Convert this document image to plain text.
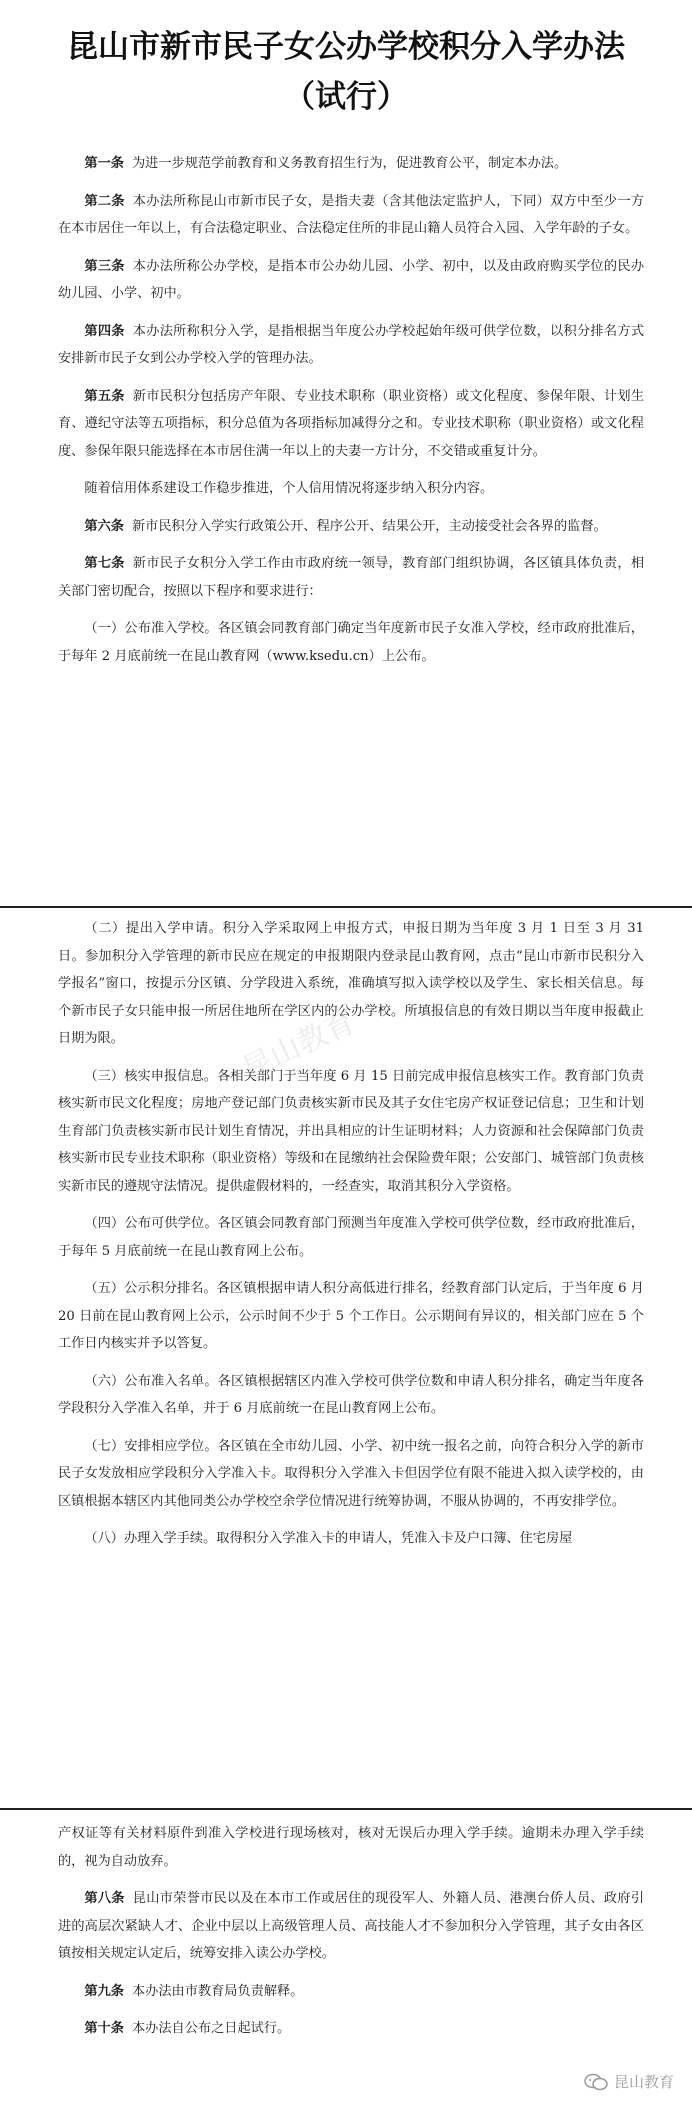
昆山市新市民子女公办学校积分入学办法（试行）

第一条 为进一步规范学前教育和义务教育招生行为，促进教育公平，制定本办法。

第二条 本办法所称昆山市新市民子女，是指夫妻（含其他法定监护人，下同）双方中至少一方在本市居住一年以上，有合法稳定职业、合法稳定住所的非昆山籍人员符合入园、入学年龄的子女。

第三条 本办法所称公办学校，是指本市公办幼儿园、小学、初中，以及由政府购买学位的民办幼儿园、小学、初中。

第四条 本办法所称积分入学，是指根据当年度公办学校起始年级可供学位数，以积分排名方式安排新市民子女到公办学校入学的管理办法。

第五条 新市民积分包括房产年限、专业技术职称（职业资格）或文化程度、参保年限、计划生育、遵纪守法等五项指标，积分总值为各项指标加减得分之和。专业技术职称（职业资格）或文化程度、参保年限只能选择在本市居住满一年以上的夫妻一方计分，不交错或重复计分。

随着信用体系建设工作稳步推进，个人信用情况将逐步纳入积分内容。

第六条 新市民积分入学实行政策公开、程序公开、结果公开，主动接受社会各界的监督。

第七条 新市民子女积分入学工作由市政府统一领导，教育部门组织协调，各区镇具体负责，相关部门密切配合，按照以下程序和要求进行：

（一）公布准入学校。各区镇会同教育部门确定当年度新市民子女准入学校，经市政府批准后，于每年 2 月底前统一在昆山教育网（www.ksedu.cn）上公布。

（二）提出入学申请。积分入学采取网上申报方式，申报日期为当年度 3 月 1 日至 3 月 31 日。参加积分入学管理的新市民应在规定的申报期限内登录昆山教育网，点击“昆山市新市民积分入学报名”窗口，按提示分区镇、分学段进入系统，准确填写拟入读学校以及学生、家长相关信息。每个新市民子女只能申报一所居住地所在学区内的公办学校。所填报信息的有效日期以当年度申报截止日期为限。

（三）核实申报信息。各相关部门于当年度 6 月 15 日前完成申报信息核实工作。教育部门负责核实新市民文化程度；房地产登记部门负责核实新市民及其子女住宅房产权证登记信息；卫生和计划生育部门负责核实新市民计划生育情况，并出具相应的计生证明材料；人力资源和社会保障部门负责核实新市民专业技术职称（职业资格）等级和在昆缴纳社会保险费年限；公安部门、城管部门负责核实新市民的遵规守法情况。提供虚假材料的，一经查实，取消其积分入学资格。

（四）公布可供学位。各区镇会同教育部门预测当年度准入学校可供学位数，经市政府批准后，于每年 5 月底前统一在昆山教育网上公布。

（五）公示积分排名。各区镇根据申请人积分高低进行排名，经教育部门认定后，于当年度 6 月 20 日前在昆山教育网上公示，公示时间不少于 5 个工作日。公示期间有异议的，相关部门应在 5 个工作日内核实并予以答复。

（六）公布准入名单。各区镇根据辖区内准入学校可供学位数和申请人积分排名，确定当年度各学段积分入学准入名单，并于 6 月底前统一在昆山教育网上公布。

（七）安排相应学位。各区镇在全市幼儿园、小学、初中统一报名之前，向符合积分入学的新市民子女发放相应学段积分入学准入卡。取得积分入学准入卡但因学位有限不能进入拟入读学校的，由区镇根据本辖区内其他同类公办学校空余学位情况进行统筹协调，不服从协调的，不再安排学位。

（八）办理入学手续。取得积分入学准入卡的申请人，凭准入卡及户口簿、住宅房屋

产权证等有关材料原件到准入学校进行现场核对，核对无误后办理入学手续。逾期未办理入学手续的，视为自动放弃。

第八条 昆山市荣誉市民以及在本市工作或居住的现役军人、外籍人员、港澳台侨人员、政府引进的高层次紧缺人才、企业中层以上高级管理人员、高技能人才不参加积分入学管理，其子女由各区镇按相关规定认定后，统筹安排入读公办学校。

第九条 本办法由市教育局负责解释。

第十条 本办法自公布之日起试行。

昆山教育
昆山教育
